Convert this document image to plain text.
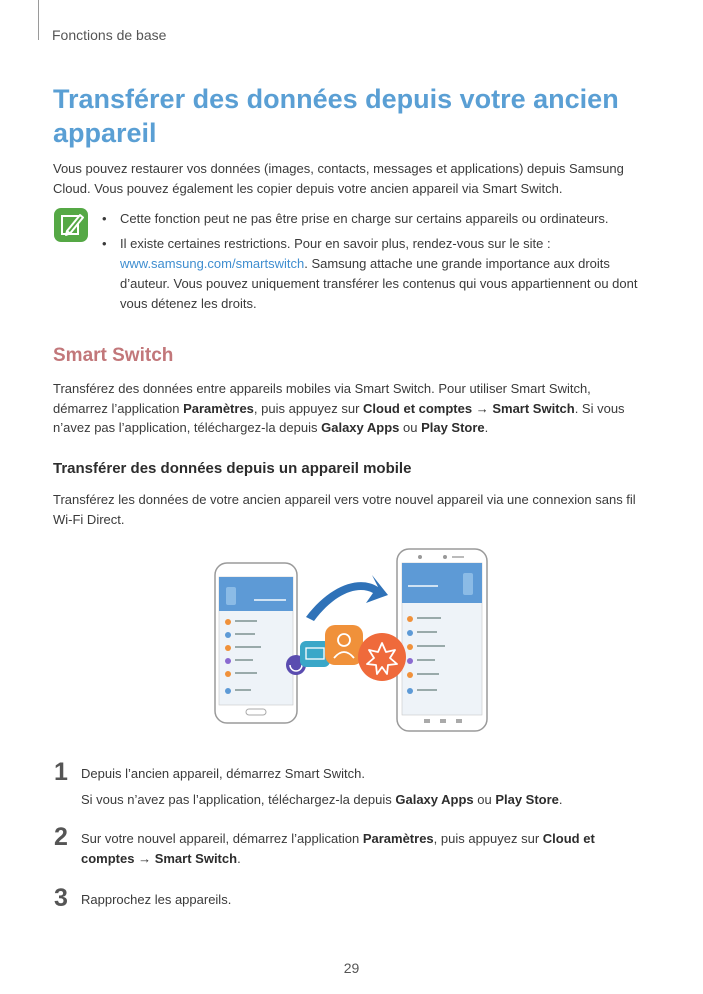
Fonctions de base
Transférer des données depuis votre ancien appareil

Vous pouvez restaurer vos données (images, contacts, messages et applications) depuis Samsung Cloud. Vous pouvez également les copier depuis votre ancien appareil via Smart Switch.

• Cette fonction peut ne pas être prise en charge sur certains appareils ou ordinateurs.
• Il existe certaines restrictions. Pour en savoir plus, rendez-vous sur le site : www.samsung.com/smartswitch. Samsung attache une grande importance aux droits d’auteur. Vous pouvez uniquement transférer les contenus qui vous appartiennent ou dont vous détenez les droits.
Smart Switch

Transférez des données entre appareils mobiles via Smart Switch. Pour utiliser Smart Switch, démarrez l’application Paramètres, puis appuyez sur Cloud et comptes → Smart Switch. Si vous n’avez pas l’application, téléchargez-la depuis Galaxy Apps ou Play Store.

Transférer des données depuis un appareil mobile

Transférez les données de votre ancien appareil vers votre nouvel appareil via une connexion sans fil Wi-Fi Direct.

1 Depuis l’ancien appareil, démarrez Smart Switch.

Si vous n’avez pas l’application, téléchargez-la depuis Galaxy Apps ou Play Store.

2 Sur votre nouvel appareil, démarrez l’application Paramètres, puis appuyez sur Cloud et comptes → Smart Switch.

3 Rapprochez les appareils.

29
